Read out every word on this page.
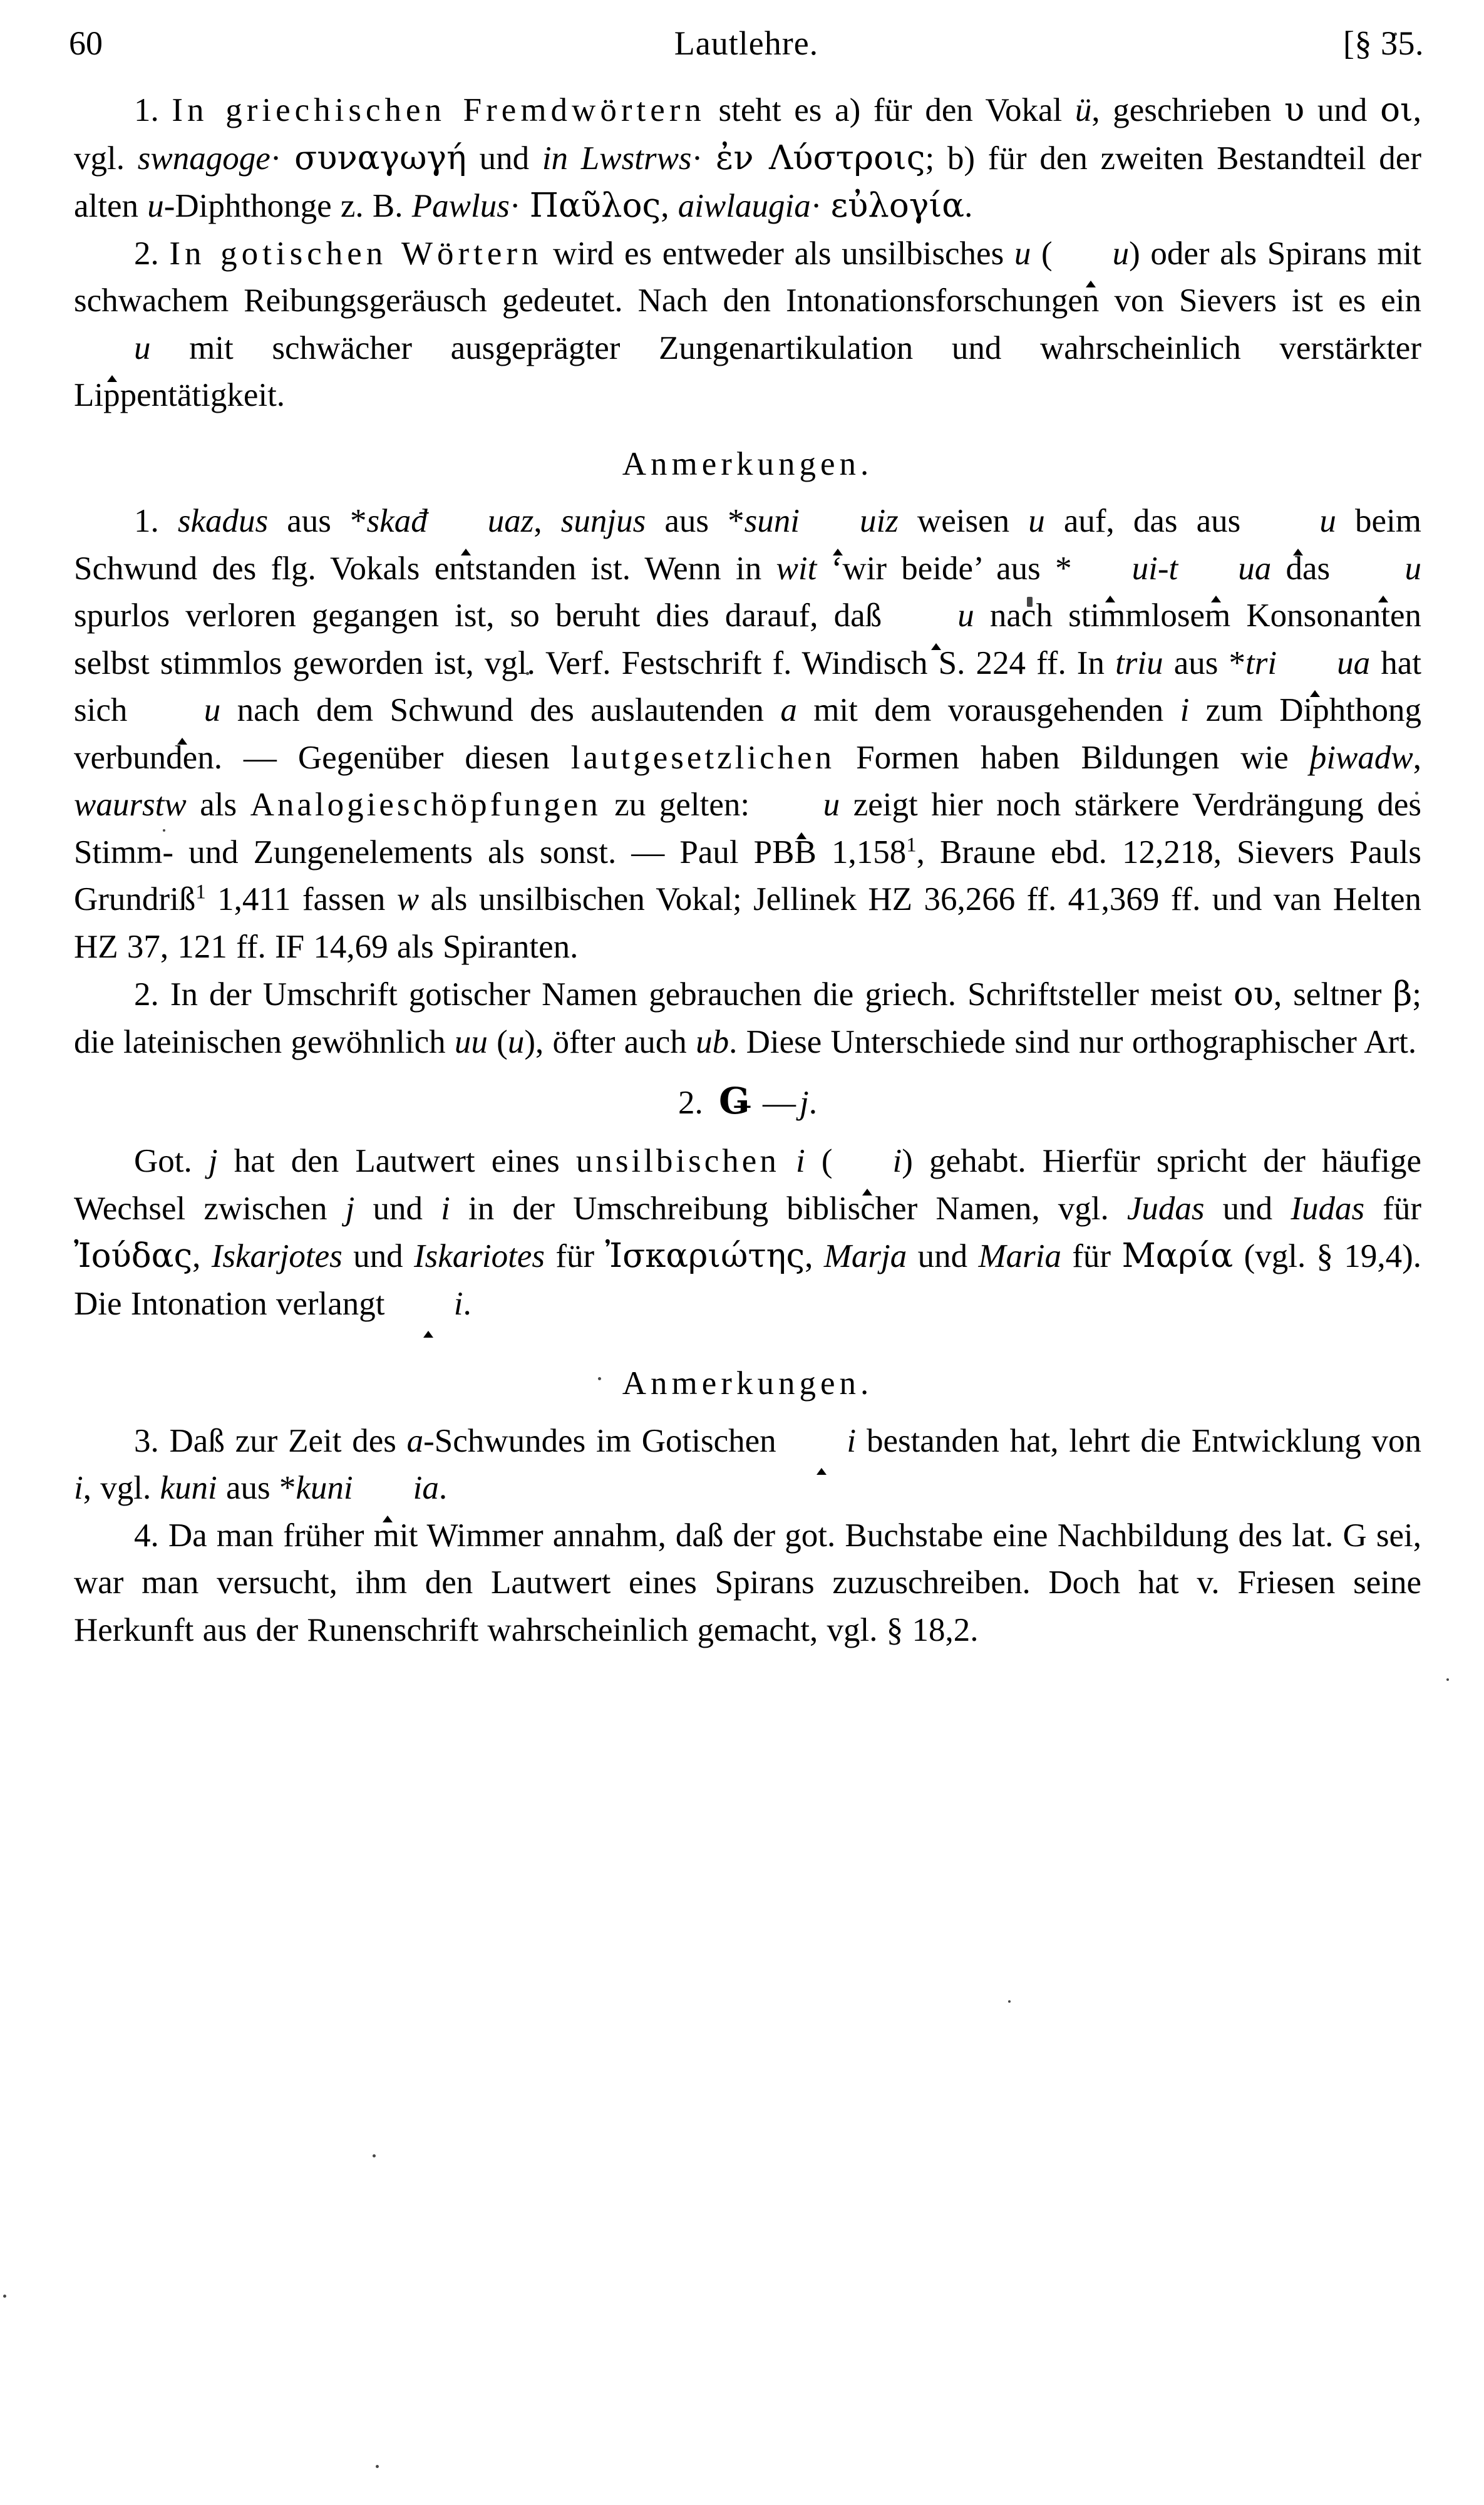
60	Lautlehre.	[§ 35.

1. In griechischen Fremdwörtern steht es a) für den Vokal ü, geschrieben υ und οι, vgl. swnagoge· συναγωγή und in Lwstrws· ἐν Λύστροις; b) für den zweiten Bestandteil der alten u-Diphthonge z. B. Pawlus· Παῦλος, aiwlaugia· εὐλογία.

2. In gotischen Wörtern wird es entweder als unsilbisches u ( u) oder als Spirans mit schwachem Reibungsgeräusch gedeutet. Nach den Intonationsforschungen von Sievers ist es ein u mit schwächer ausgeprägter Zungenartikulation und wahrscheinlich verstärkter Lippentätigkeit.

Anmerkungen.

1. skadus aus *skađ uaz, sunjus aus *suni uiz weisen u auf, das aus u beim Schwund des flg. Vokals entstanden ist. Wenn in wit ‘wir beide’ aus * ui-t ua das u spurlos verloren gegangen ist, so beruht dies darauf, daß u nach stimmlosem Konsonanten selbst stimmlos geworden ist, vgl. Verf. Festschrift f. Windisch S. 224 ff. In triu aus *tri ua hat sich u nach dem Schwund des auslautenden a mit dem vorausgehenden i zum Diphthong verbunden. — Gegenüber diesen lautgesetzlichen Formen haben Bildungen wie þiwadw, waurstw als Analogieschöpfungen zu gelten: u zeigt hier noch stärkere Verdrängung des Stimm- und Zungenelements als sonst. — Paul PBB 1,158$^1$, Braune ebd. 12,218, Sievers Pauls Grundriß$^1$ 1,411 fassen w als unsilbischen Vokal; Jellinek HZ 36,266 ff. 41,369 ff. und van Helten HZ 37, 121 ff. IF 14,69 als Spiranten.

2. In der Umschrift gotischer Namen gebrauchen die griech. Schriftsteller meist ου, seltner β; die lateinischen gewöhnlich uu (u), öfter auch ub. Diese Unterschiede sind nur orthographischer Art.

2. Ǥ — j.

Got. j hat den Lautwert eines unsilbischen i ( i) gehabt. Hierfür spricht der häufige Wechsel zwischen j und i in der Umschreibung biblischer Namen, vgl. Judas und Iudas für Ἰούδας, Iskarjotes und Iskariotes für Ἰσκαριώτης, Marja und Maria für Μαρία (vgl. § 19,4). Die Intonation verlangt i.

Anmerkungen.

3. Daß zur Zeit des a-Schwundes im Gotischen i bestanden hat, lehrt die Entwicklung von i, vgl. kuni aus *kuni ia.

4. Da man früher mit Wimmer annahm, daß der got. Buchstabe eine Nachbildung des lat. G sei, war man versucht, ihm den Lautwert eines Spirans zuzuschreiben. Doch hat v. Friesen seine Herkunft aus der Runenschrift wahrscheinlich gemacht, vgl. § 18,2.
